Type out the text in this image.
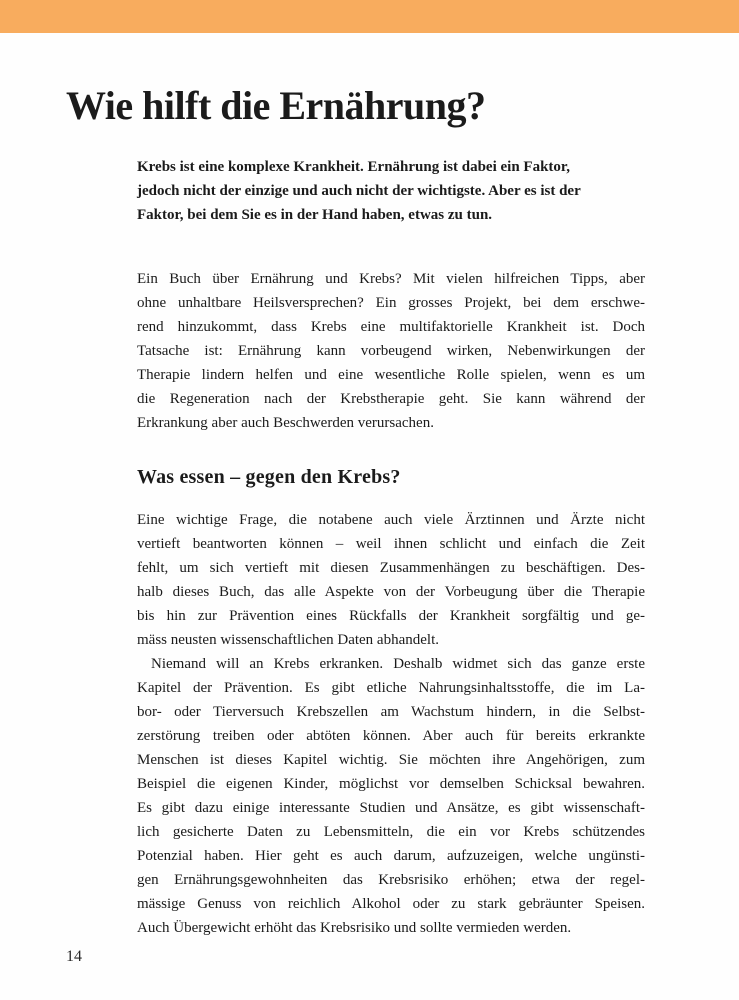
Wie hilft die Ernährung?
Krebs ist eine komplexe Krankheit. Ernährung ist dabei ein Faktor,
jedoch nicht der einzige und auch nicht der wichtigste. Aber es ist der
Faktor, bei dem Sie es in der Hand haben, etwas zu tun.
Ein Buch über Ernährung und Krebs? Mit vielen hilfreichen Tipps, aber
ohne unhaltbare Heilsversprechen? Ein grosses Projekt, bei dem erschwe-
rend hinzukommt, dass Krebs eine multifaktorielle Krankheit ist. Doch
Tatsache ist: Ernährung kann vorbeugend wirken, Nebenwirkungen der
Therapie lindern helfen und eine wesentliche Rolle spielen, wenn es um
die Regeneration nach der Krebstherapie geht. Sie kann während der
Erkrankung aber auch Beschwerden verursachen.
Was essen – gegen den Krebs?
Eine wichtige Frage, die notabene auch viele Ärztinnen und Ärzte nicht
vertieft beantworten können – weil ihnen schlicht und einfach die Zeit
fehlt, um sich vertieft mit diesen Zusammenhängen zu beschäftigen. Des-
halb dieses Buch, das alle Aspekte von der Vorbeugung über die Therapie
bis hin zur Prävention eines Rückfalls der Krankheit sorgfältig und ge-
mäss neusten wissenschaftlichen Daten abhandelt.
Niemand will an Krebs erkranken. Deshalb widmet sich das ganze erste
Kapitel der Prävention. Es gibt etliche Nahrungsinhaltsstoffe, die im La-
bor- oder Tierversuch Krebszellen am Wachstum hindern, in die Selbst-
zerstörung treiben oder abtöten können. Aber auch für bereits erkrankte
Menschen ist dieses Kapitel wichtig. Sie möchten ihre Angehörigen, zum
Beispiel die eigenen Kinder, möglichst vor demselben Schicksal bewahren.
Es gibt dazu einige interessante Studien und Ansätze, es gibt wissenschaft-
lich gesicherte Daten zu Lebensmitteln, die ein vor Krebs schützendes
Potenzial haben. Hier geht es auch darum, aufzuzeigen, welche ungünsti-
gen Ernährungsgewohnheiten das Krebsrisiko erhöhen; etwa der regel-
mässige Genuss von reichlich Alkohol oder zu stark gebräunter Speisen.
Auch Übergewicht erhöht das Krebsrisiko und sollte vermieden werden.
14
